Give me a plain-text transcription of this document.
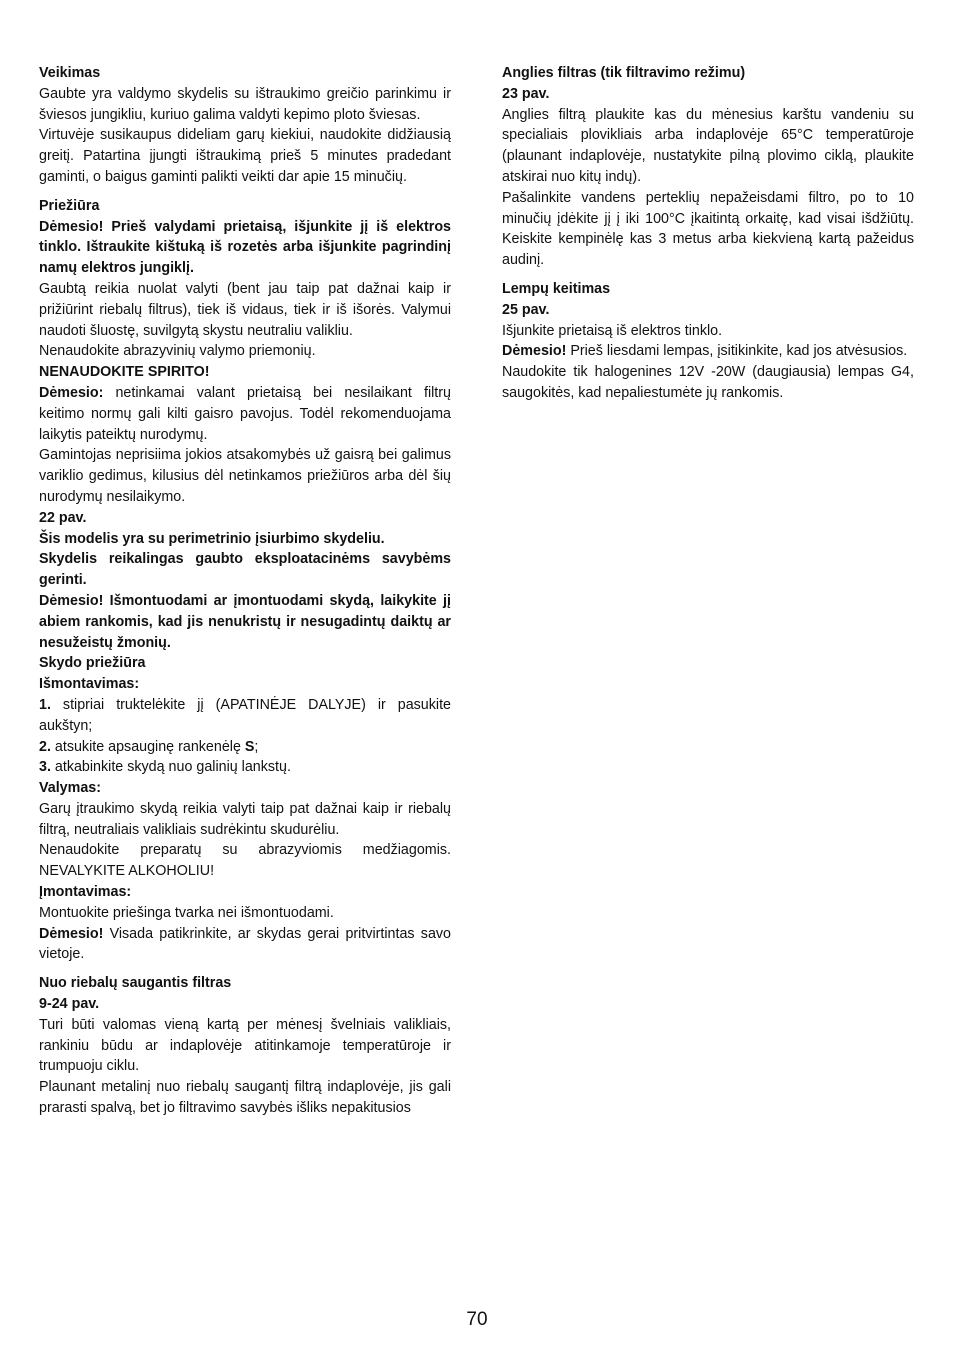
Veikimas

Gaubte yra valdymo skydelis su ištraukimo greičio parinkimu ir šviesos jungikliu, kuriuo galima valdyti kepimo ploto šviesas.

Virtuvėje susikaupus dideliam garų kiekiui, naudokite didžiausią greitį. Patartina įjungti ištraukimą prieš 5 minutes pradedant gaminti, o baigus gaminti palikti veikti dar apie 15 minučių.

Priežiūra

Dėmesio! Prieš valydami prietaisą, išjunkite jį iš elektros tinklo. Ištraukite kištuką iš rozetės arba išjunkite pagrindinį namų elektros jungiklį.

Gaubtą reikia nuolat valyti (bent jau taip pat dažnai kaip ir prižiūrint riebalų filtrus), tiek iš vidaus, tiek ir iš išorės. Valymui naudoti šluostę, suvilgytą skystu neutraliu valikliu.

Nenaudokite abrazyvinių valymo priemonių.

NENAUDOKITE SPIRITO!

Dėmesio: netinkamai valant prietaisą bei nesilaikant filtrų keitimo normų gali kilti gaisro pavojus. Todėl rekomenduojama laikytis pateiktų nurodymų.

Gamintojas neprisiima jokios atsakomybės už gaisrą bei galimus variklio gedimus, kilusius dėl netinkamos priežiūros arba dėl šių nurodymų nesilaikymo.

22 pav.

Šis modelis yra su perimetrinio įsiurbimo skydeliu.

Skydelis reikalingas gaubto eksploatacinėms savybėms gerinti.

Dėmesio! Išmontuodami ar įmontuodami skydą, laikykite jį abiem rankomis, kad jis nenukristų ir nesugadintų daiktų ar nesužeistų žmonių.

Skydo priežiūra

Išmontavimas:

1. stipriai truktelėkite jį (APATINĖJE DALYJE) ir pasukite aukštyn;

2. atsukite apsauginę rankenėlę S;

3. atkabinkite skydą nuo galinių lankstų.

Valymas:

Garų įtraukimo skydą reikia valyti taip pat dažnai kaip ir riebalų filtrą, neutraliais valikliais sudrėkintu skudurėliu.

Nenaudokite preparatų su abrazyviomis medžiagomis. NEVALYKITE ALKOHOLIU!

Įmontavimas:

Montuokite priešinga tvarka nei išmontuodami.

Dėmesio! Visada patikrinkite, ar skydas gerai pritvirtintas savo vietoje.

Nuo riebalų saugantis filtras

9-24 pav.

Turi būti valomas vieną kartą per mėnesį švelniais valikliais, rankiniu būdu ar indaplovėje atitinkamoje temperatūroje ir trumpuoju ciklu.

Plaunant metalinį nuo riebalų saugantį filtrą indaplovėje, jis gali prarasti spalvą, bet jo filtravimo savybės išliks nepakitusios

Anglies filtras (tik filtravimo režimu)

23 pav.

Anglies filtrą plaukite kas du mėnesius karštu vandeniu su specialiais plovikliais arba indaplovėje 65°C temperatūroje (plaunant indaplovėje, nustatykite pilną plovimo ciklą, plaukite atskirai nuo kitų indų).

Pašalinkite vandens perteklių nepažeisdami filtro, po to 10 minučių įdėkite jį į iki 100°C įkaitintą orkaitę, kad visai išdžiūtų. Keiskite kempinėlę kas 3 metus arba kiekvieną kartą pažeidus audinį.

Lempų keitimas

25 pav.

Išjunkite prietaisą iš elektros tinklo.

Dėmesio! Prieš liesdami lempas, įsitikinkite, kad jos atvėsusios.

Naudokite tik halogenines 12V -20W (daugiausia) lempas G4, saugokitės, kad nepaliestumėte jų rankomis.

70
